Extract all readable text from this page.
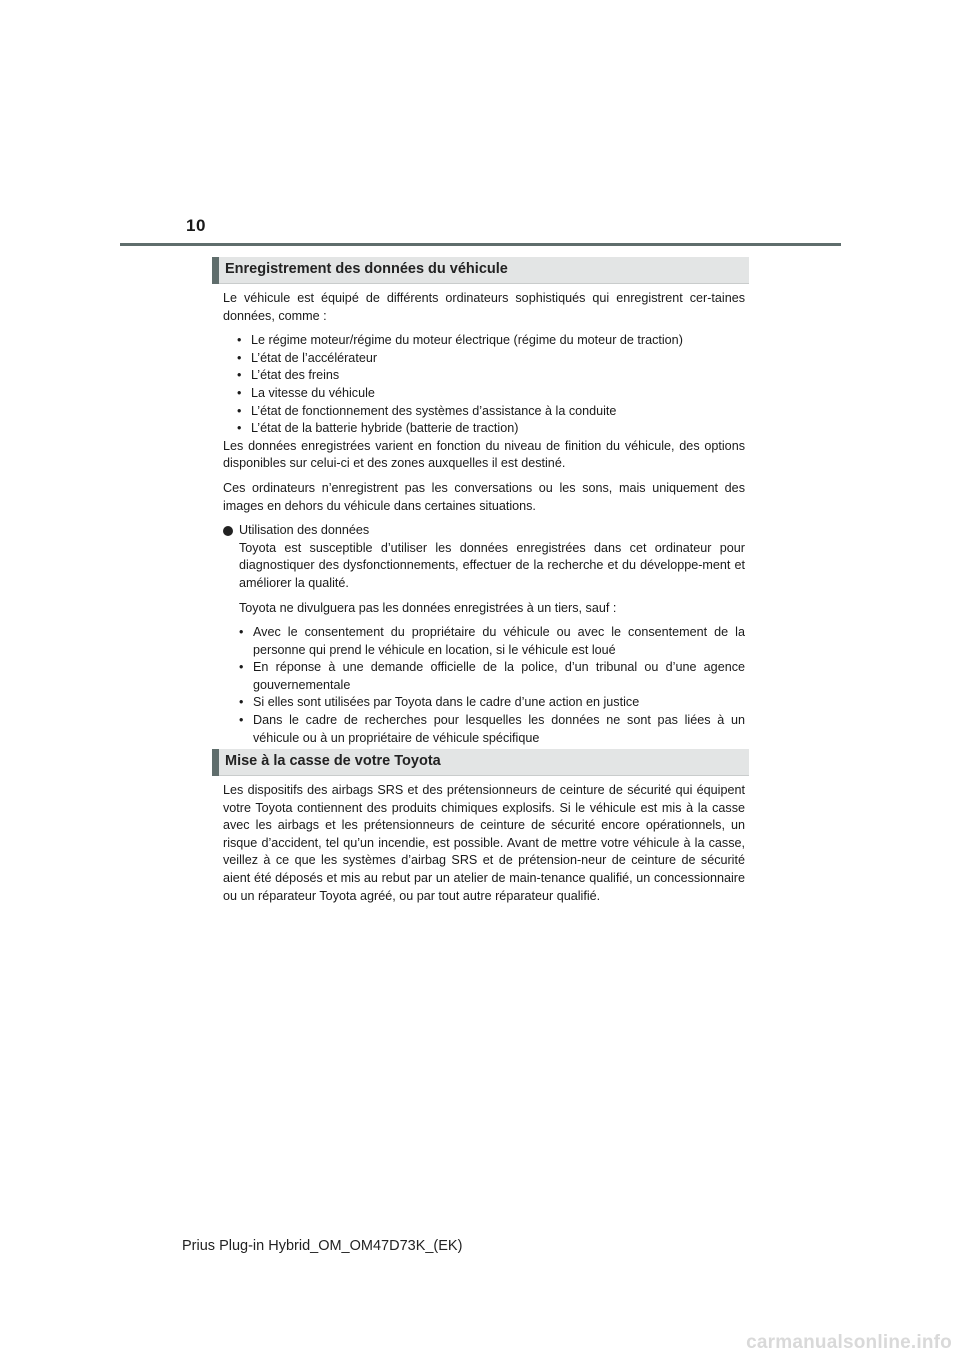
10
Enregistrement des données du véhicule

Le véhicule est équipé de différents ordinateurs sophistiqués qui enregistrent cer-taines données, comme :

• Le régime moteur/régime du moteur électrique (régime du moteur de traction)
• L’état de l’accélérateur
• L’état des freins
• La vitesse du véhicule
• L’état de fonctionnement des systèmes d’assistance à la conduite
• L’état de la batterie hybride (batterie de traction)

Les données enregistrées varient en fonction du niveau de finition du véhicule, des options disponibles sur celui-ci et des zones auxquelles il est destiné.

Ces ordinateurs n’enregistrent pas les conversations ou les sons, mais uniquement des images en dehors du véhicule dans certaines situations.

Utilisation des données

Toyota est susceptible d’utiliser les données enregistrées dans cet ordinateur pour diagnostiquer des dysfonctionnements, effectuer de la recherche et du développe-ment et améliorer la qualité.

Toyota ne divulguera pas les données enregistrées à un tiers, sauf :

• Avec le consentement du propriétaire du véhicule ou avec le consentement de la personne qui prend le véhicule en location, si le véhicule est loué
• En réponse à une demande officielle de la police, d’un tribunal ou d’une agence gouvernementale
• Si elles sont utilisées par Toyota dans le cadre d’une action en justice
• Dans le cadre de recherches pour lesquelles les données ne sont pas liées à un véhicule ou à un propriétaire de véhicule spécifique
Mise à la casse de votre Toyota

Les dispositifs des airbags SRS et des prétensionneurs de ceinture de sécurité qui équipent votre Toyota contiennent des produits chimiques explosifs. Si le véhicule est mis à la casse avec les airbags et les prétensionneurs de ceinture de sécurité encore opérationnels, un risque d’accident, tel qu’un incendie, est possible. Avant de mettre votre véhicule à la casse, veillez à ce que les systèmes d’airbag SRS et de prétension-neur de ceinture de sécurité aient été déposés et mis au rebut par un atelier de main-tenance qualifié, un concessionnaire ou un réparateur Toyota agréé, ou par tout autre réparateur qualifié.

Prius Plug-in Hybrid_OM_OM47D73K_(EK)
carmanualsonline.info
